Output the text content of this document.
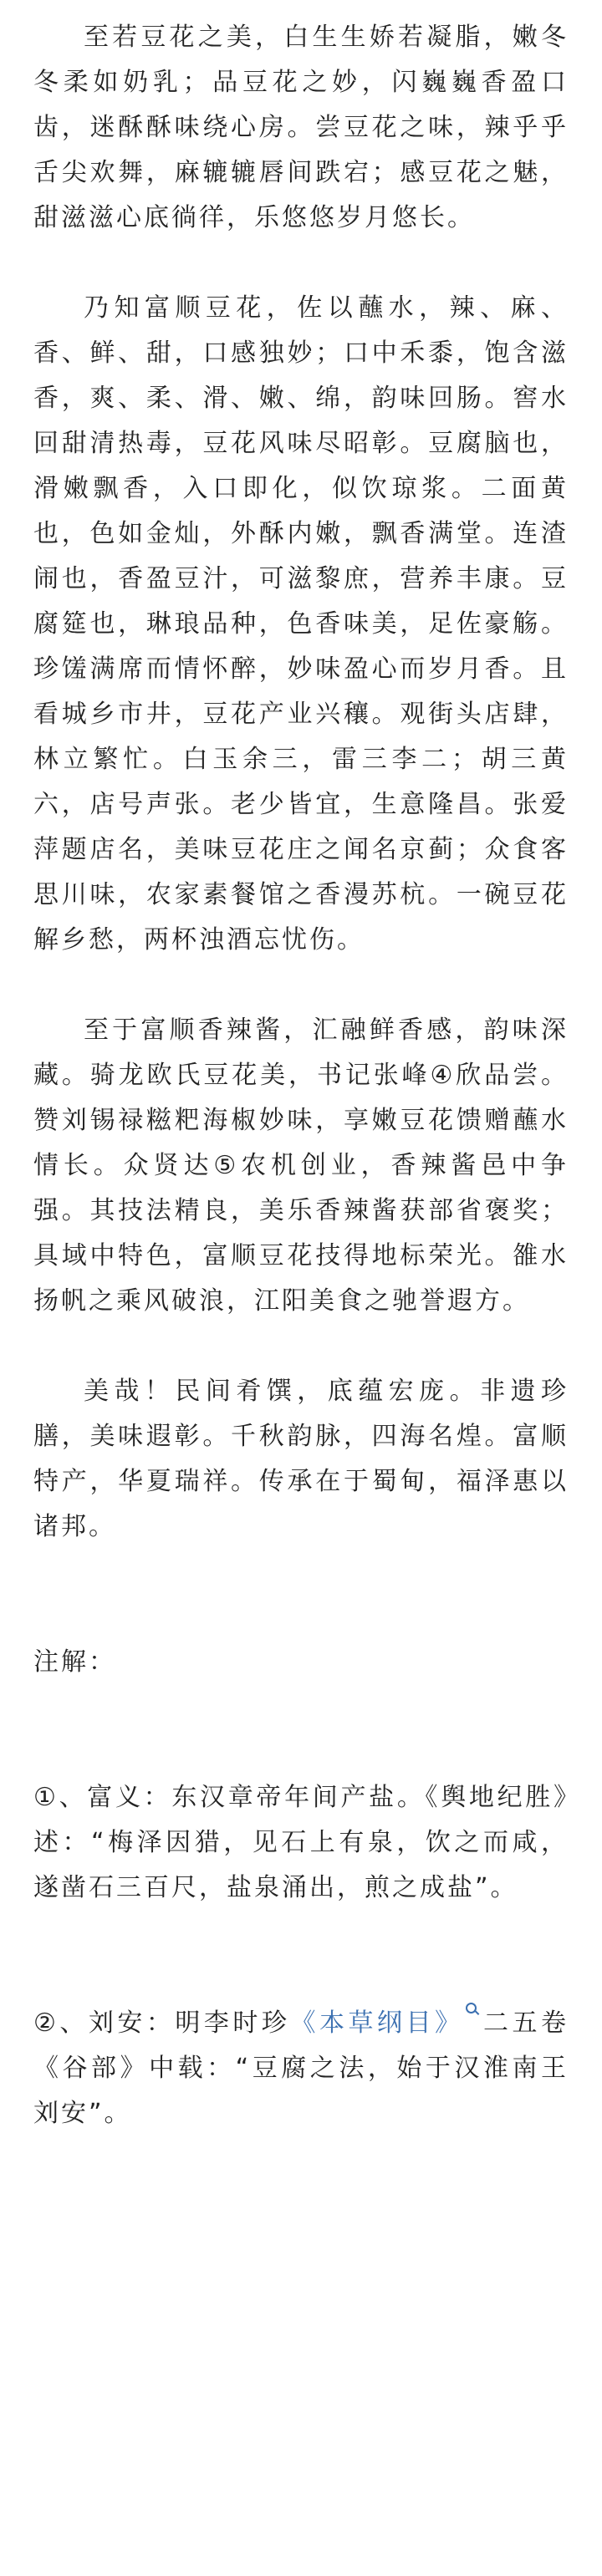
至若豆花之美，白生生娇若凝脂，嫩冬冬柔如奶乳；品豆花之妙，闪巍巍香盈口齿，迷酥酥味绕心房。尝豆花之味，辣乎乎舌尖欢舞，麻辘辘唇间跌宕；感豆花之魅，甜滋滋心底徜徉，乐悠悠岁月悠长。

乃知富顺豆花，佐以蘸水，辣、麻、香、鲜、甜，口感独妙；口中禾黍，饱含滋香，爽、柔、滑、嫩、绵，韵味回肠。窖水回甜清热毒，豆花风味尽昭彰。豆腐脑也，滑嫩飘香，入口即化，似饮琼浆。二面黄也，色如金灿，外酥内嫩，飘香满堂。连渣闹也，香盈豆汁，可滋黎庶，营养丰康。豆腐筵也，琳琅品种，色香味美，足佐豪觞。珍馐满席而情怀醉，妙味盈心而岁月香。且看城乡市井，豆花产业兴穰。观街头店肆，林立繁忙。白玉余三，雷三李二；胡三黄六，店号声张。老少皆宜，生意隆昌。张爱萍题店名，美味豆花庄之闻名京蓟；众食客思川味，农家素餐馆之香漫苏杭。一碗豆花解乡愁，两杯浊酒忘忧伤。

至于富顺香辣酱，汇融鲜香感，韵味深藏。骑龙欧氏豆花美，书记张峰④欣品尝。赞刘锡禄糍粑海椒妙味，享嫩豆花馈赠蘸水情长。众贤达⑤农机创业，香辣酱邑中争强。其技法精良，美乐香辣酱获部省褒奖；具域中特色，富顺豆花技得地标荣光。雒水扬帆之乘风破浪，江阳美食之驰誉遐方。

美哉！民间肴馔，底蕴宏庞。非遗珍膳，美味遐彰。千秋韵脉，四海名煌。富顺特产，华夏瑞祥。传承在于蜀甸，福泽惠以诸邦。

注解：

①、富义：东汉章帝年间产盐。《舆地纪胜》述：“梅泽因猎，见石上有泉，饮之而咸，遂凿石三百尺，盐泉涌出，煎之成盐”。

②、刘安：明李时珍《本草纲目》 二五卷《谷部》中载：“豆腐之法，始于汉淮南王刘安”。
